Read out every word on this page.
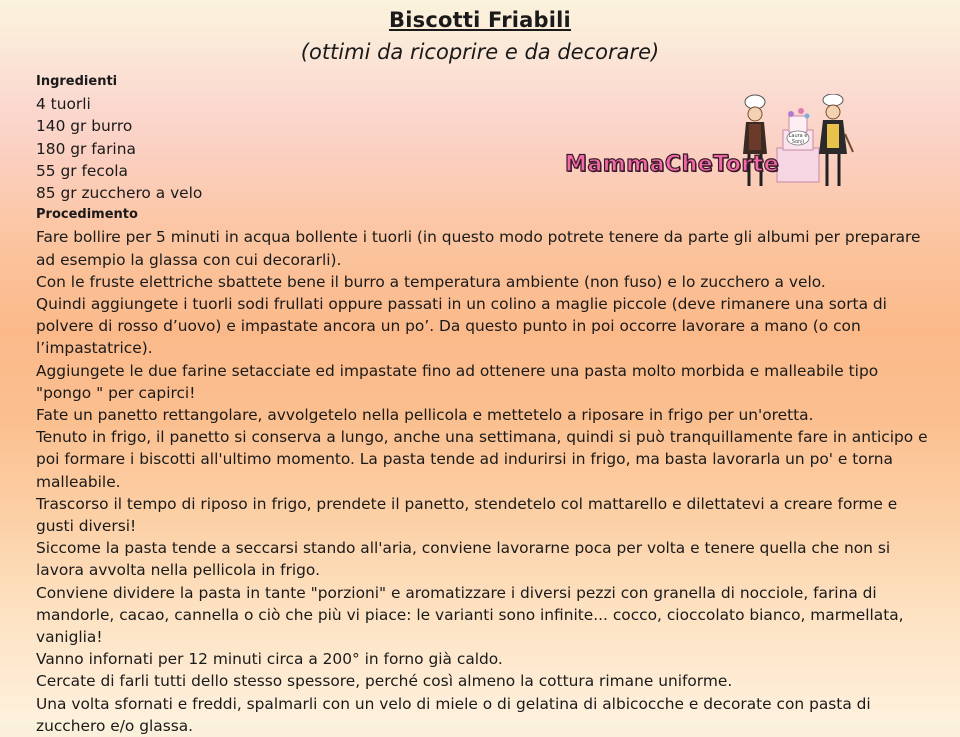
Biscotti Friabili
(ottimi da ricoprire e da decorare)
Laura e
Sonji
MammaCheTorte
Ingredienti
4 tuorli
140 gr burro
180 gr farina
55 gr fecola
85 gr zucchero a velo
Procedimento
Fare bollire per 5 minuti in acqua bollente i tuorli (in questo modo potrete tenere da parte gli albumi per preparare ad esempio la glassa con cui decorarli).
Con le fruste elettriche sbattete bene il burro a temperatura ambiente (non fuso) e lo zucchero a velo.
Quindi aggiungete i tuorli sodi frullati oppure passati in un colino a maglie piccole (deve rimanere una sorta di polvere di rosso d’uovo) e impastate ancora un po’. Da questo punto in poi occorre lavorare a mano (o con l’impastatrice).
Aggiungete le due farine setacciate ed impastate fino ad ottenere una pasta molto morbida e malleabile tipo "pongo " per capirci!
Fate un panetto rettangolare, avvolgetelo nella pellicola e mettetelo a riposare in frigo per un'oretta.
Tenuto in frigo, il panetto si conserva a lungo, anche una settimana, quindi si può tranquillamente fare in anticipo e poi formare i biscotti all'ultimo momento. La pasta tende ad indurirsi in frigo, ma basta lavorarla un po' e torna malleabile.
Trascorso il tempo di riposo in frigo, prendete il panetto, stendetelo col mattarello e dilettatevi a creare forme e gusti diversi!
Siccome la pasta tende a seccarsi stando all'aria, conviene lavorarne poca per volta e tenere quella che non si lavora avvolta nella pellicola in frigo.
Conviene dividere la pasta in tante "porzioni" e aromatizzare i diversi pezzi con granella di nocciole, farina di mandorle, cacao, cannella o ciò che più vi piace: le varianti sono infinite... cocco, cioccolato bianco, marmellata, vaniglia!
Vanno infornati per 12 minuti circa a 200° in forno già caldo.
Cercate di farli tutti dello stesso spessore, perché così almeno la cottura rimane uniforme.
Una volta sfornati e freddi, spalmarli con un velo di miele o di gelatina di albicocche e decorate con pasta di zucchero e/o glassa.
